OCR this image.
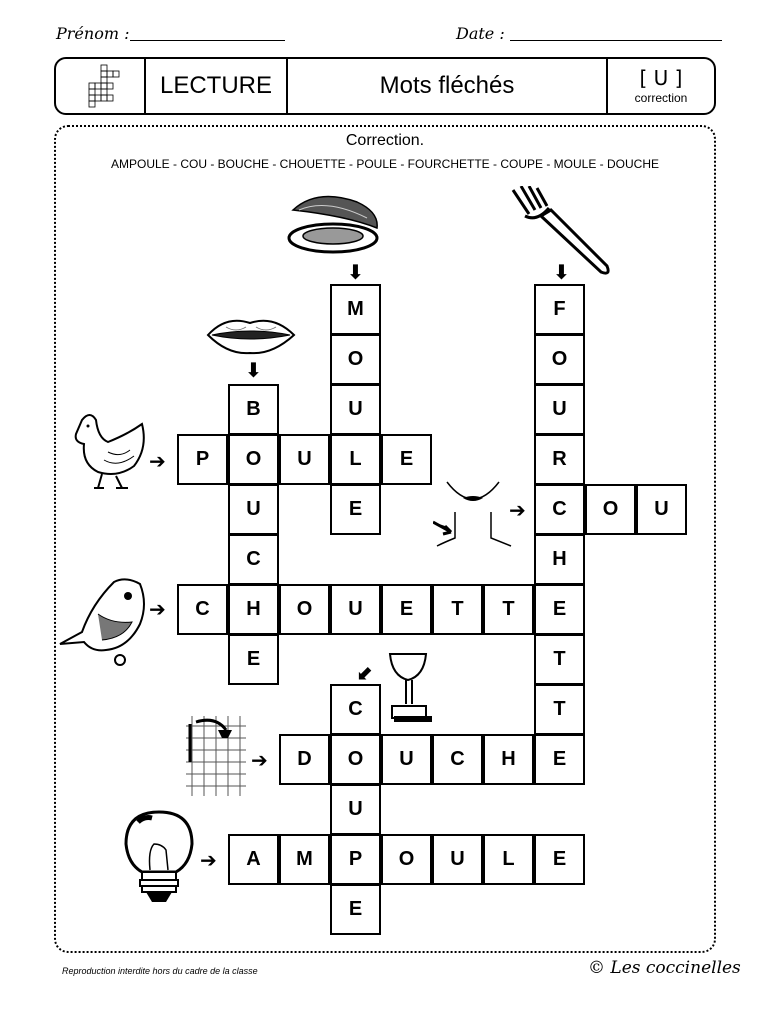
Prénom :	Date :
LECTURE	Mots fléchés	[ U ]
correction
Correction.
AMPOULE - COU - BOUCHE - CHOUETTE - POULE - FOURCHETTE - COUPE - MOULE - DOUCHE
M
O
U
L
E
F
O
U
R
C
H
E
T
T
E
B
O
U
C
H
E
P	U	E
O	U
C	O	U	E	T	T
C
O
U
P
E
D	U	C	H
A	M	O	U	L	E
⬇	⬇
⬇
➔
➔
➔
⬋
➔
➔
Reproduction interdite hors du cadre de la classe	© Les coccinelles
